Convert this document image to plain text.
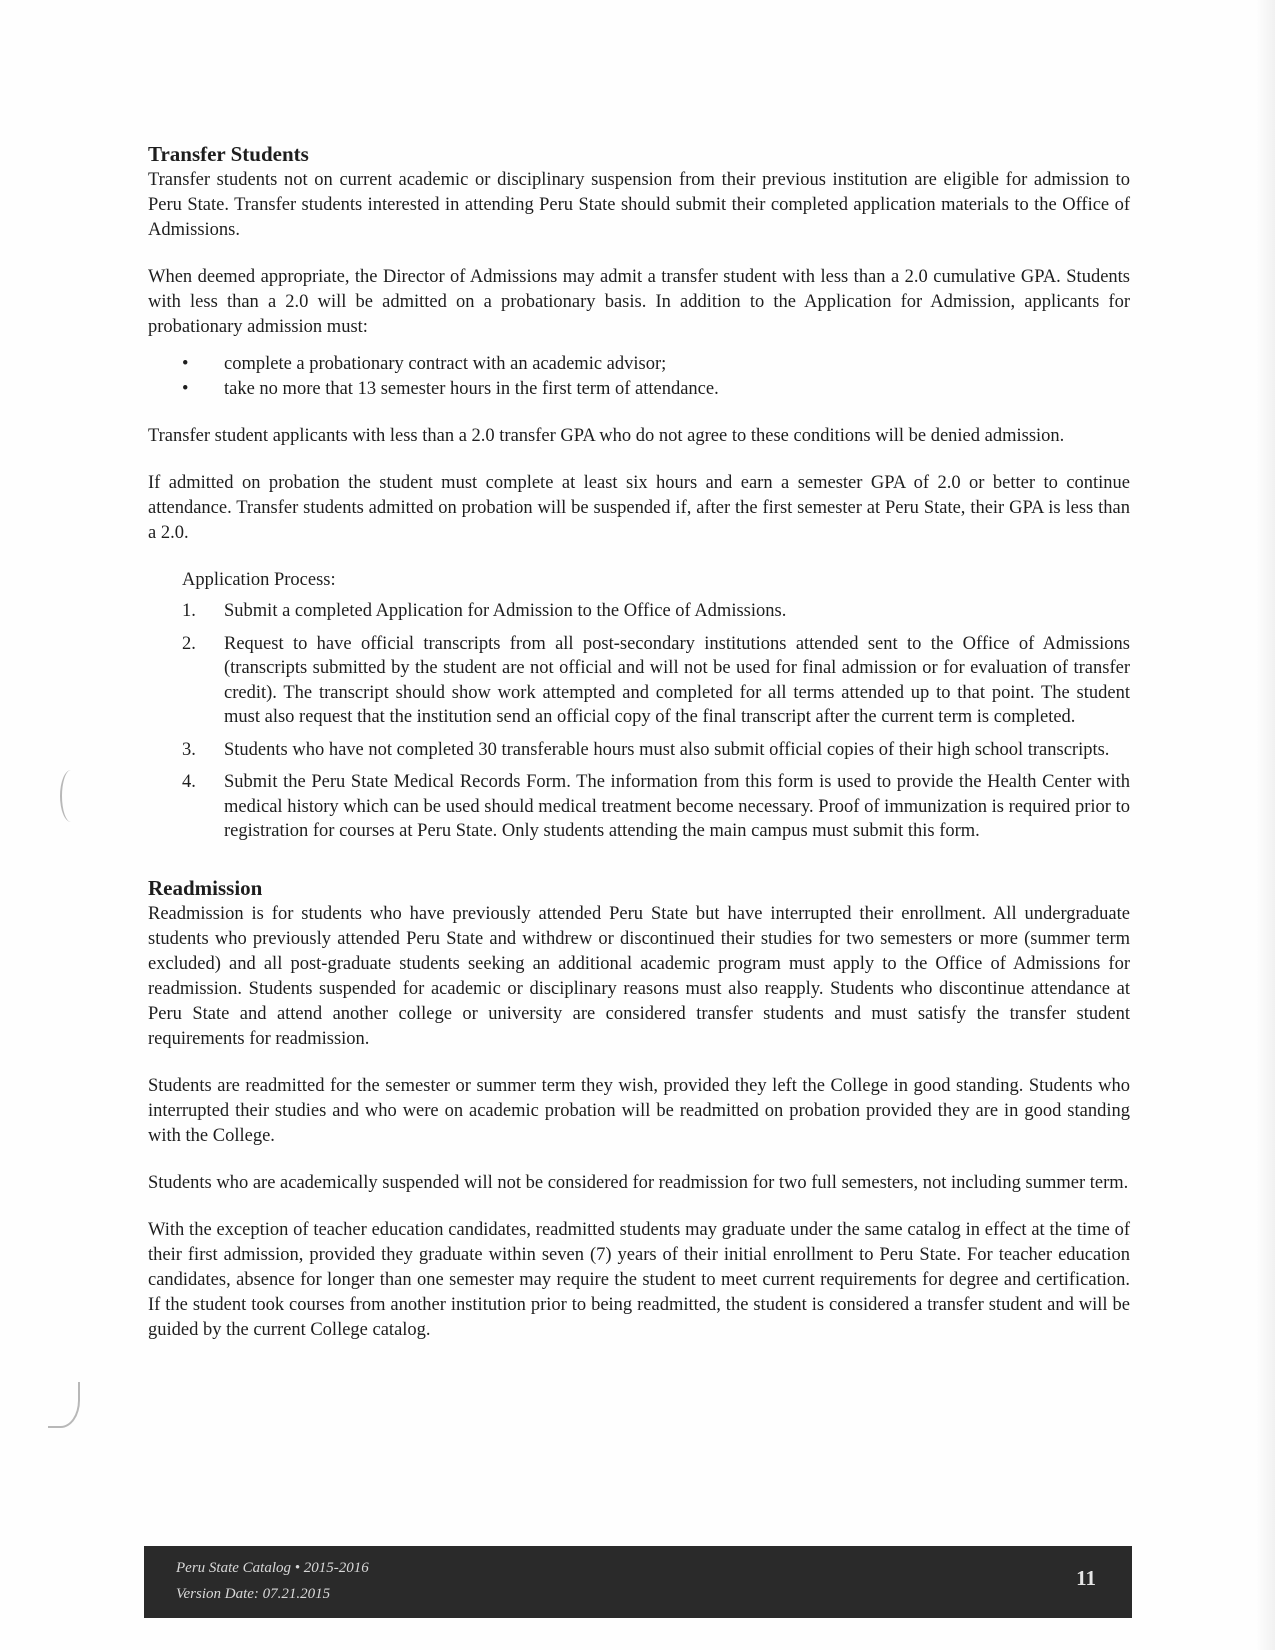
Transfer Students

Transfer students not on current academic or disciplinary suspension from their previous institution are eligible for admission to Peru State. Transfer students interested in attending Peru State should submit their completed application materials to the Office of Admissions.

When deemed appropriate, the Director of Admissions may admit a transfer student with less than a 2.0 cumulative GPA. Students with less than a 2.0 will be admitted on a probationary basis. In addition to the Application for Admission, applicants for probationary admission must:

• complete a probationary contract with an academic advisor;
• take no more that 13 semester hours in the first term of attendance.

Transfer student applicants with less than a 2.0 transfer GPA who do not agree to these conditions will be denied admission.

If admitted on probation the student must complete at least six hours and earn a semester GPA of 2.0 or better to continue attendance. Transfer students admitted on probation will be suspended if, after the first semester at Peru State, their GPA is less than a 2.0.

Application Process:
1. Submit a completed Application for Admission to the Office of Admissions.
2. Request to have official transcripts from all post-secondary institutions attended sent to the Office of Admissions (transcripts submitted by the student are not official and will not be used for final admission or for evaluation of transfer credit). The transcript should show work attempted and completed for all terms attended up to that point. The student must also request that the institution send an official copy of the final transcript after the current term is completed.
3. Students who have not completed 30 transferable hours must also submit official copies of their high school transcripts.
4. Submit the Peru State Medical Records Form. The information from this form is used to provide the Health Center with medical history which can be used should medical treatment become necessary. Proof of immunization is required prior to registration for courses at Peru State. Only students attending the main campus must submit this form.
Readmission

Readmission is for students who have previously attended Peru State but have interrupted their enrollment. All undergraduate students who previously attended Peru State and withdrew or discontinued their studies for two semesters or more (summer term excluded) and all post-graduate students seeking an additional academic program must apply to the Office of Admissions for readmission. Students suspended for academic or disciplinary reasons must also reapply. Students who discontinue attendance at Peru State and attend another college or university are considered transfer students and must satisfy the transfer student requirements for readmission.

Students are readmitted for the semester or summer term they wish, provided they left the College in good standing. Students who interrupted their studies and who were on academic probation will be readmitted on probation provided they are in good standing with the College.

Students who are academically suspended will not be considered for readmission for two full semesters, not including summer term.

With the exception of teacher education candidates, readmitted students may graduate under the same catalog in effect at the time of their first admission, provided they graduate within seven (7) years of their initial enrollment to Peru State. For teacher education candidates, absence for longer than one semester may require the student to meet current requirements for degree and certification. If the student took courses from another institution prior to being readmitted, the student is considered a transfer student and will be guided by the current College catalog.

Peru State Catalog • 2015-2016
Version Date: 07.21.2015
11
